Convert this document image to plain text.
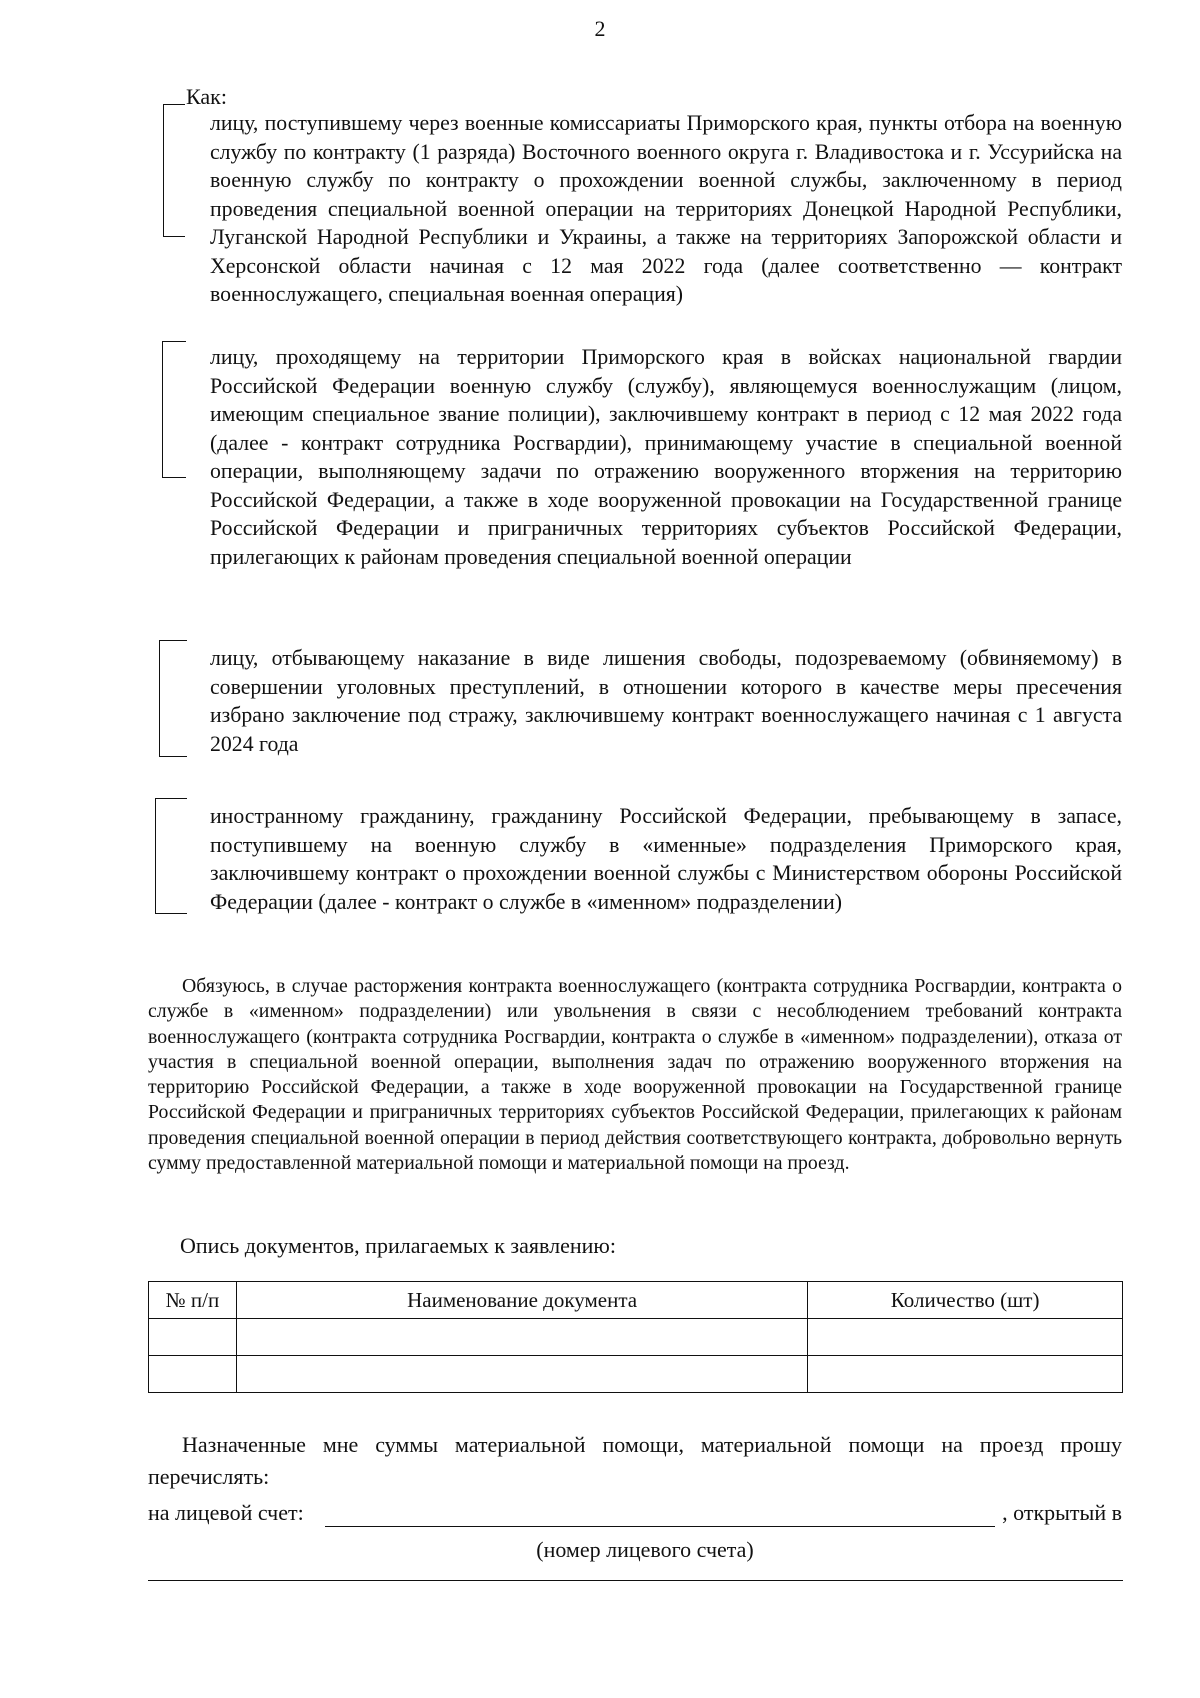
2
Как:
лицу, поступившему через военные комиссариаты Приморского края, пункты отбора на военную службу по контракту (1 разряда) Восточного военного округа г. Владивостока и г. Уссурийска на военную службу по контракту о прохождении военной службы, заключенному в период проведения специальной военной операции на территориях Донецкой Народной Республики, Луганской Народной Республики и Украины, а также на территориях Запорожской области и Херсонской области начиная с 12 мая 2022 года (далее соответственно — контракт военнослужащего, специальная военная операция)
лицу, проходящему на территории Приморского края в войсках национальной гвардии Российской Федерации военную службу (службу), являющемуся военнослужащим (лицом, имеющим специальное звание полиции), заключившему контракт в период с 12 мая 2022 года (далее - контракт сотрудника Росгвардии), принимающему участие в специальной военной операции, выполняющему задачи по отражению вооруженного вторжения на территорию Российской Федерации, а также в ходе вооруженной провокации на Государственной границе Российской Федерации и приграничных территориях субъектов Российской Федерации, прилегающих к районам проведения специальной военной операции
лицу, отбывающему наказание в виде лишения свободы, подозреваемому (обвиняемому) в совершении уголовных преступлений, в отношении которого в качестве меры пресечения избрано заключение под стражу, заключившему контракт военнослужащего начиная с 1 августа 2024 года
иностранному гражданину, гражданину Российской Федерации, пребывающему в запасе, поступившему на военную службу в «именные» подразделения Приморского края, заключившему контракт о прохождении военной службы с Министерством обороны Российской Федерации (далее - контракт о службе в «именном» подразделении)
Обязуюсь, в случае расторжения контракта военнослужащего (контракта сотрудника Росгвардии, контракта о службе в «именном» подразделении) или увольнения в связи с несоблюдением требований контракта военнослужащего (контракта сотрудника Росгвардии, контракта о службе в «именном» подразделении), отказа от участия в специальной военной операции, выполнения задач по отражению вооруженного вторжения на территорию Российской Федерации, а также в ходе вооруженной провокации на Государственной границе Российской Федерации и приграничных территориях субъектов Российской Федерации, прилегающих к районам проведения специальной военной операции в период действия соответствующего контракта, добровольно вернуть сумму предоставленной материальной помощи и материальной помощи на проезд.
Опись документов, прилагаемых к заявлению:
№ п/п	Наименование документа	Количество (шт)

Назначенные мне суммы материальной помощи, материальной помощи на проезд прошу перечислять:
на лицевой счет:	, открытый в
(номер лицевого счета)
